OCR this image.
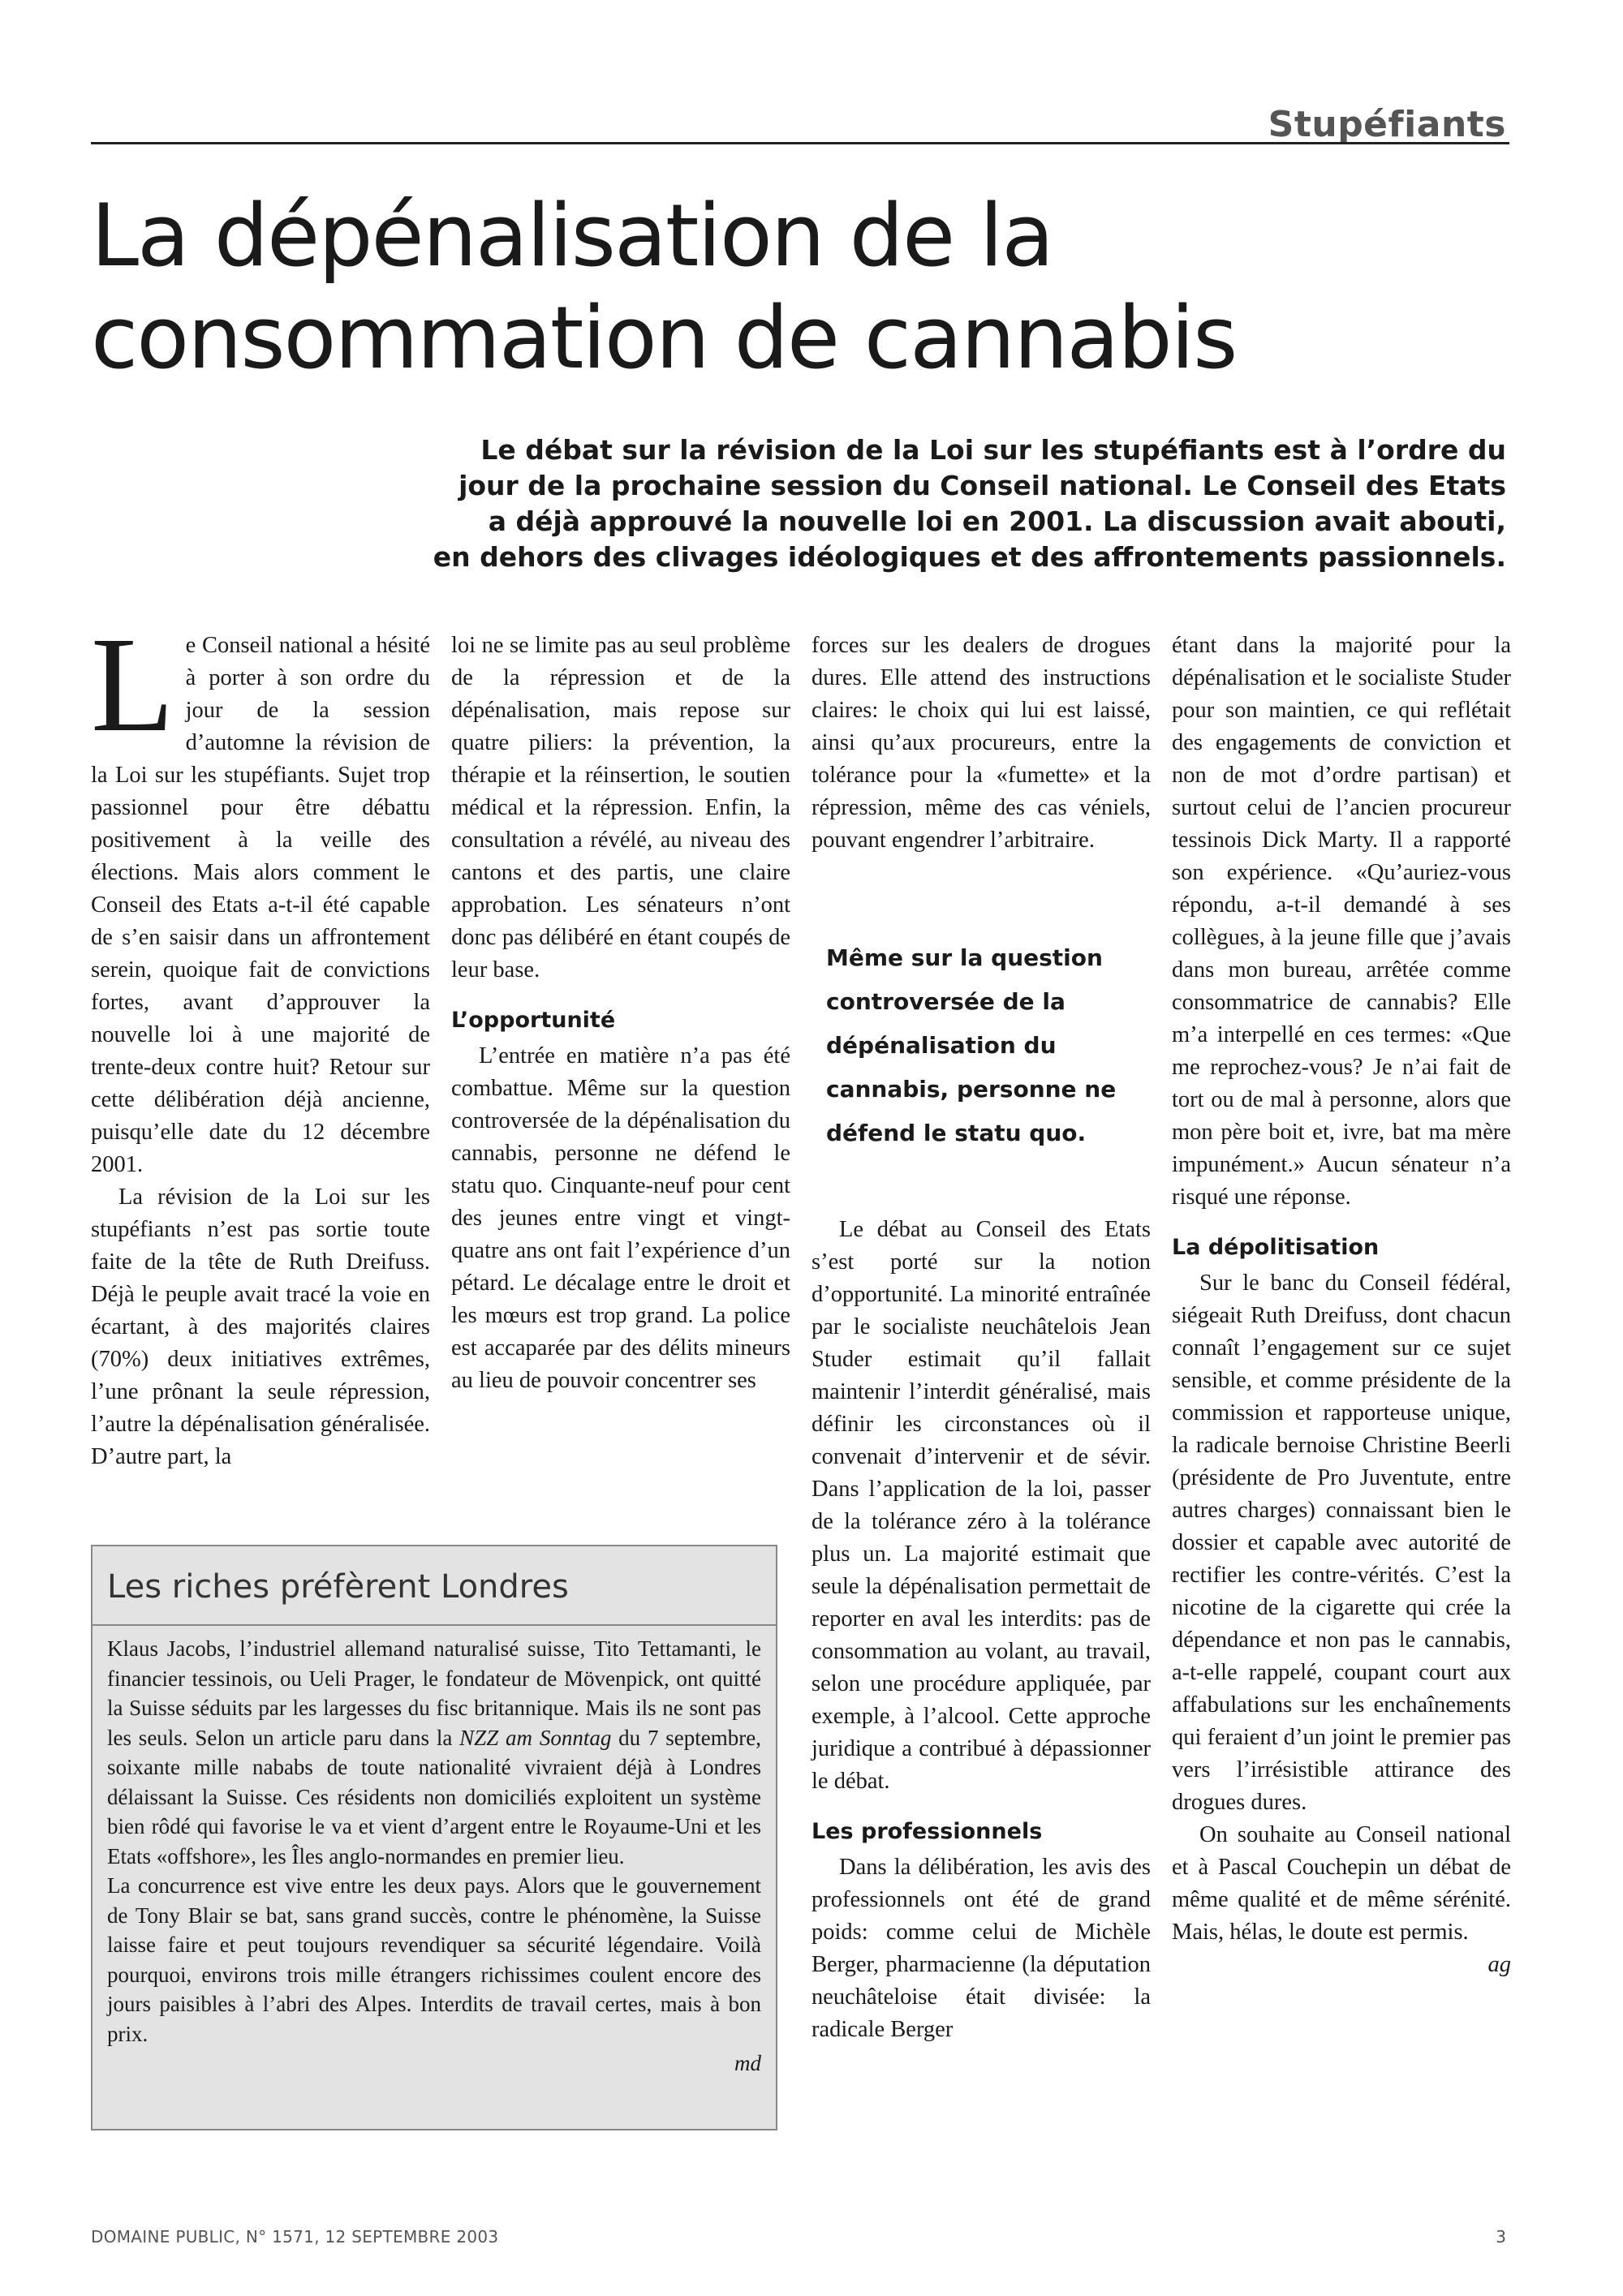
Stupéfiants
La dépénalisation de la consommation de cannabis

Le débat sur la révision de la Loi sur les stupéfiants est à l’ordre du

jour de la prochaine session du Conseil national. Le Conseil des Etats

a déjà approuvé la nouvelle loi en 2001. La discussion avait abouti,

en dehors des clivages idéologiques et des affrontements passionnels.

L e Conseil national a hésité à porter à son ordre du jour de la session d’automne la révision de la Loi sur les stupéfiants. Sujet trop passionnel pour être débattu positivement à la veille des élections. Mais alors comment le Conseil des Etats a-t-il été capable de s’en saisir dans un affrontement serein, quoique fait de convictions fortes, avant d’approuver la nouvelle loi à une majorité de trente-deux contre huit? Retour sur cette délibération déjà ancienne, puisqu’elle date du 12 décembre 2001.

La révision de la Loi sur les stupéfiants n’est pas sortie toute faite de la tête de Ruth Dreifuss. Déjà le peuple avait tracé la voie en écartant, à des majorités claires (70%) deux initiatives extrêmes, l’une prônant la seule répression, l’autre la dépénalisation généralisée. D’autre part, la

loi ne se limite pas au seul problème de la répression et de la dépénalisation, mais repose sur quatre piliers: la prévention, la thérapie et la réinsertion, le soutien médical et la répression. Enfin, la consultation a révélé, au niveau des cantons et des partis, une claire approbation. Les sénateurs n’ont donc pas délibéré en étant coupés de leur base.

L’opportunité

L’entrée en matière n’a pas été combattue. Même sur la question controversée de la dépénalisation du cannabis, personne ne défend le statu quo. Cinquante-neuf pour cent des jeunes entre vingt et vingt-quatre ans ont fait l’expérience d’un pétard. Le décalage entre le droit et les mœurs est trop grand. La police est accaparée par des délits mineurs au lieu de pouvoir concentrer ses

forces sur les dealers de drogues dures. Elle attend des instructions claires: le choix qui lui est laissé, ainsi qu’aux procureurs, entre la tolérance pour la «fumette» et la répression, même des cas véniels, pouvant engendrer l’arbitraire.

Le débat au Conseil des Etats s’est porté sur la notion d’opportunité. La minorité entraînée par le socialiste neuchâtelois Jean Studer estimait qu’il fallait maintenir l’interdit généralisé, mais définir les circonstances où il convenait d’intervenir et de sévir. Dans l’application de la loi, passer de la tolérance zéro à la tolérance plus un. La majorité estimait que seule la dépénalisation permettait de reporter en aval les interdits: pas de consommation au volant, au travail, selon une procédure appliquée, par exemple, à l’alcool. Cette approche juridique a contribué à dépassionner le débat.

Les professionnels

Dans la délibération, les avis des professionnels ont été de grand poids: comme celui de Michèle Berger, pharmacienne (la députation neuchâteloise était divisée: la radicale Berger

Même sur la question controversée de la dépénalisation du cannabis, personne ne défend le statu quo.

étant dans la majorité pour la dépénalisation et le socialiste Studer pour son maintien, ce qui reflétait des engagements de conviction et non de mot d’ordre partisan) et surtout celui de l’ancien procureur tessinois Dick Marty. Il a rapporté son expérience. «Qu’auriez-vous répondu, a-t-il demandé à ses collègues, à la jeune fille que j’avais dans mon bureau, arrêtée comme consommatrice de cannabis? Elle m’a interpellé en ces termes: «Que me reprochez-vous? Je n’ai fait de tort ou de mal à personne, alors que mon père boit et, ivre, bat ma mère impunément.» Aucun sénateur n’a risqué une réponse.

La dépolitisation

Sur le banc du Conseil fédéral, siégeait Ruth Dreifuss, dont chacun connaît l’engagement sur ce sujet sensible, et comme présidente de la commission et rapporteuse unique, la radicale bernoise Christine Beerli (présidente de Pro Juventute, entre autres charges) connaissant bien le dossier et capable avec autorité de rectifier les contre-vérités. C’est la nicotine de la cigarette qui crée la dépendance et non pas le cannabis, a-t-elle rappelé, coupant court aux affabulations sur les enchaînements qui feraient d’un joint le premier pas vers l’irrésistible attirance des drogues dures.

On souhaite au Conseil national et à Pascal Couchepin un débat de même qualité et de même sérénité. Mais, hélas, le doute est permis.
ag

Les riches préfèrent Londres

Klaus Jacobs, l’industriel allemand naturalisé suisse, Tito Tettamanti, le financier tessinois, ou Ueli Prager, le fondateur de Mövenpick, ont quitté la Suisse séduits par les largesses du fisc britannique. Mais ils ne sont pas les seuls. Selon un article paru dans la NZZ am Sonntag du 7 septembre, soixante mille nababs de toute nationalité vivraient déjà à Londres délaissant la Suisse. Ces résidents non domiciliés exploitent un système bien rôdé qui favorise le va et vient d’argent entre le Royaume-Uni et les Etats «offshore», les Îles anglo-normandes en premier lieu.

La concurrence est vive entre les deux pays. Alors que le gouvernement de Tony Blair se bat, sans grand succès, contre le phénomène, la Suisse laisse faire et peut toujours revendiquer sa sécurité légendaire. Voilà pourquoi, environs trois mille étrangers richissimes coulent encore des jours paisibles à l’abri des Alpes. Interdits de travail certes, mais à bon prix.
md

DOMAINE PUBLIC, N° 1571, 12 SEPTEMBRE 2003	3
